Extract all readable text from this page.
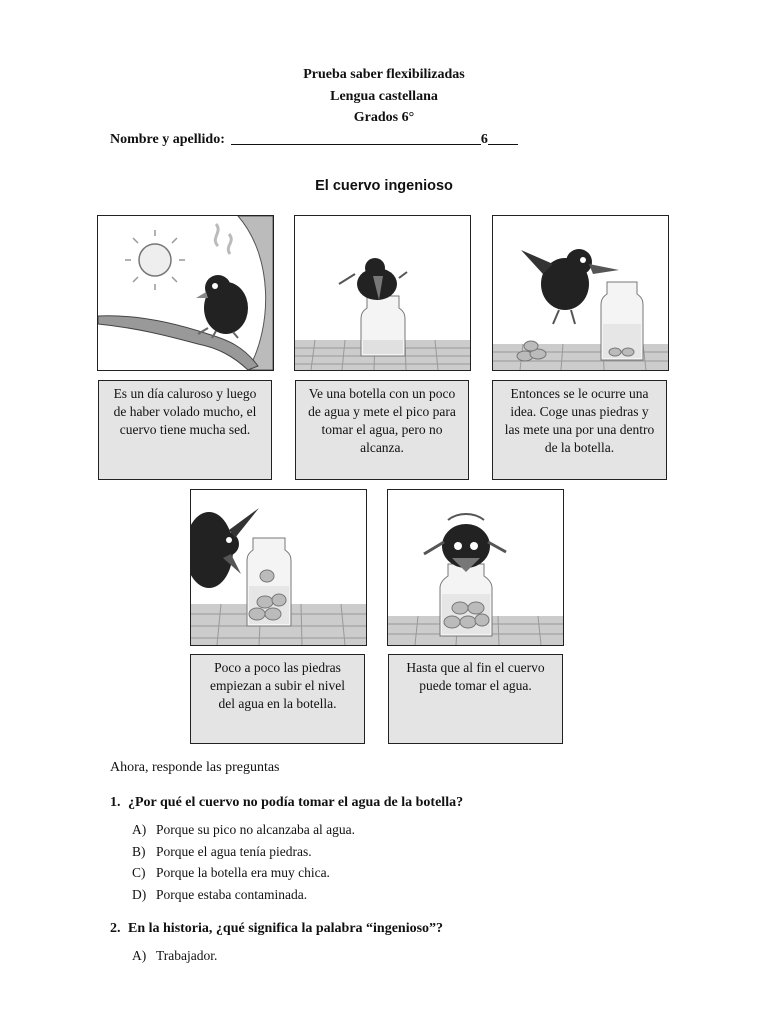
Prueba saber flexibilizadas
Lengua castellana
Grados 6°
Nombre y apellido:	6
El cuervo ingenioso
Es un día caluroso y luego de haber volado mucho, el cuervo tiene mucha sed.
Ve una botella con un poco de agua y mete el pico para tomar el agua, pero no alcanza.
Entonces se le ocurre una idea. Coge unas piedras y las mete una por una dentro de la botella.
Poco a poco las piedras empiezan a subir el nivel del agua en la botella.
Hasta que al fin el cuervo puede tomar el agua.
Ahora, responde las preguntas
1. ¿Por qué el cuervo no podía tomar el agua de la botella?
A) Porque su pico no alcanzaba al agua.
B) Porque el agua tenía piedras.
C) Porque la botella era muy chica.
D) Porque estaba contaminada.
2. En la historia, ¿qué significa la palabra “ingenioso”?
A) Trabajador.
